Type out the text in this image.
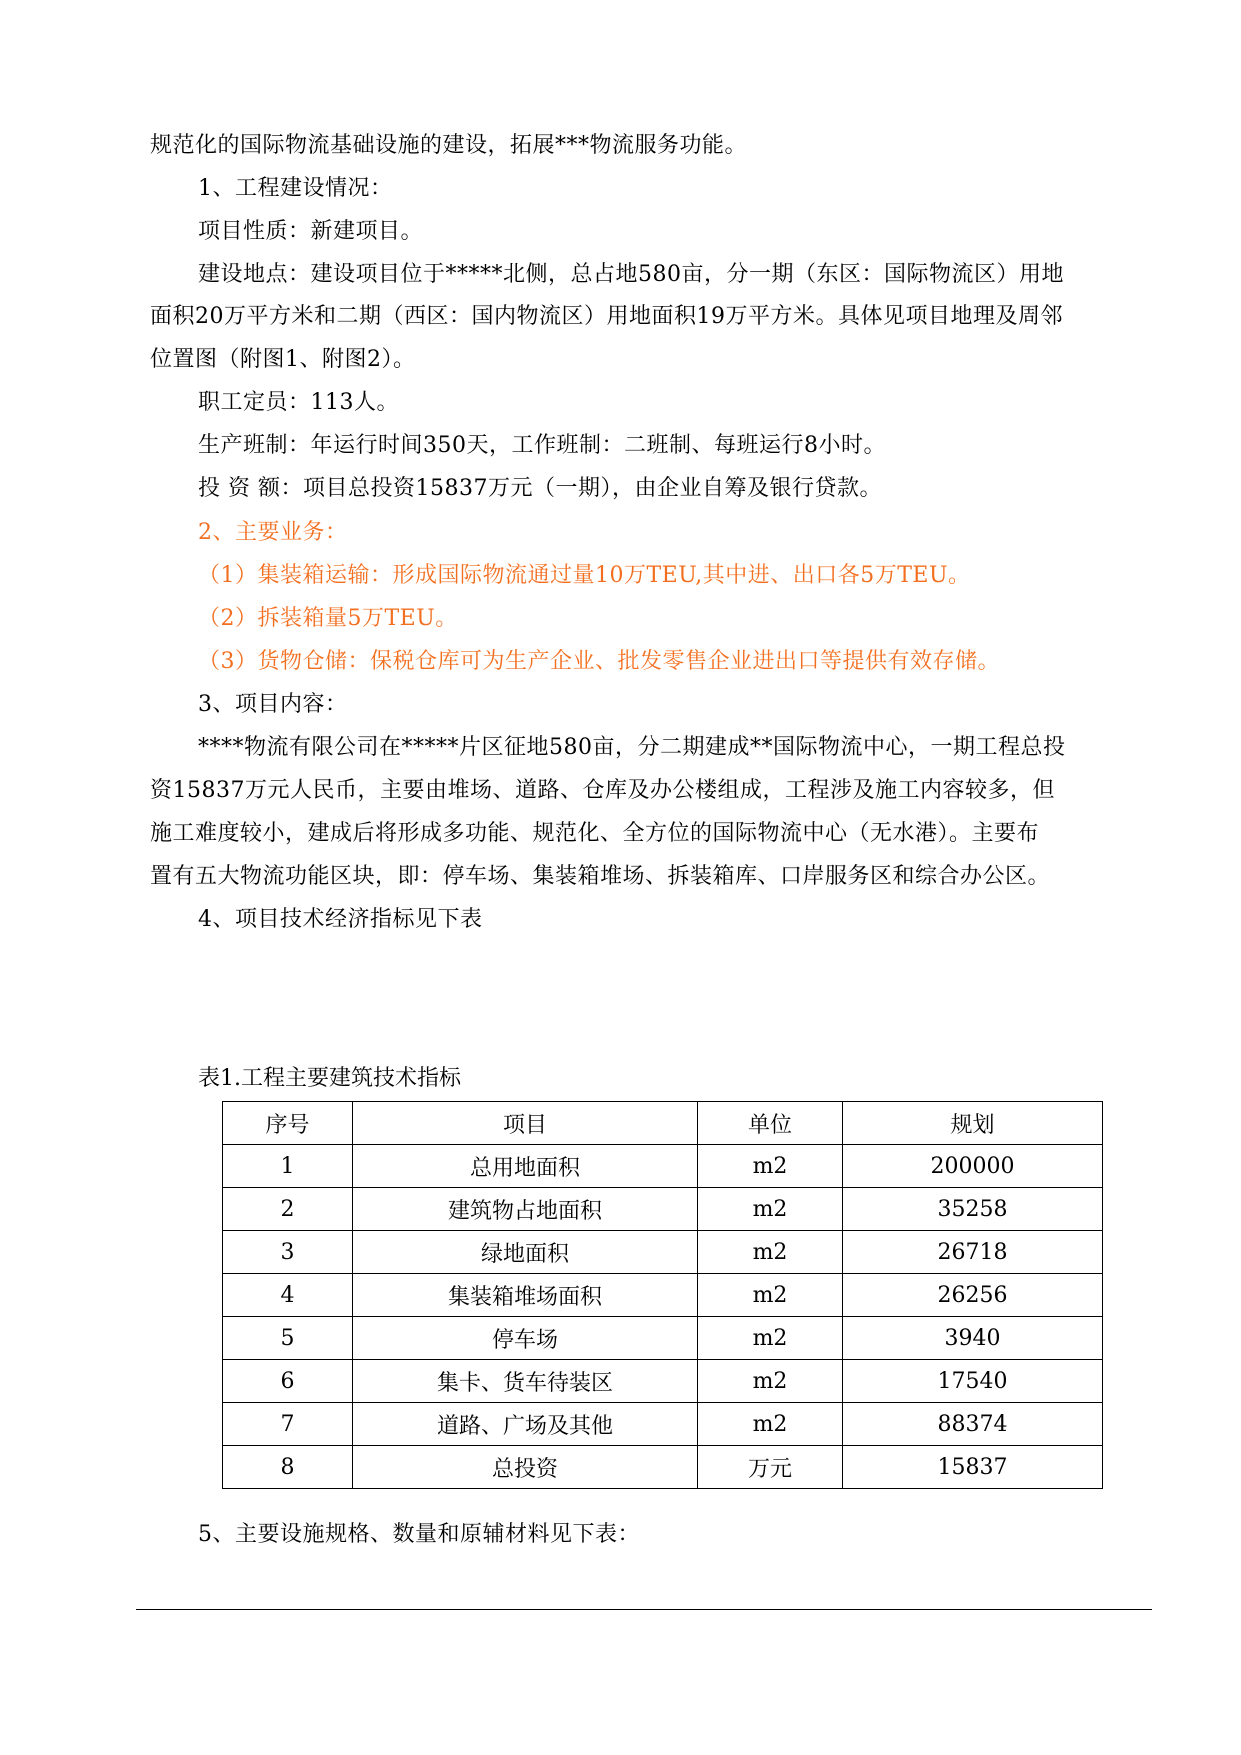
规范化的国际物流基础设施的建设，拓展***物流服务功能。
1、工程建设情况：
项目性质：新建项目。
建设地点：建设项目位于*****北侧，总占地580亩，分一期（东区：国际物流区）用地
面积20万平方米和二期（西区：国内物流区）用地面积19万平方米。具体见项目地理及周邻
位置图（附图1、附图2）。
职工定员：113人。
生产班制：年运行时间350天，工作班制：二班制、每班运行8小时。
投 资 额：项目总投资15837万元（一期），由企业自筹及银行贷款。
2、主要业务：
（1）集装箱运输：形成国际物流通过量10万TEU,其中进、出口各5万TEU。
（2）拆装箱量5万TEU。
（3）货物仓储：保税仓库可为生产企业、批发零售企业进出口等提供有效存储。
3、项目内容：
****物流有限公司在*****片区征地580亩，分二期建成**国际物流中心，一期工程总投
资15837万元人民币，主要由堆场、道路、仓库及办公楼组成，工程涉及施工内容较多，但
施工难度较小，建成后将形成多功能、规范化、全方位的国际物流中心（无水港）。主要布
置有五大物流功能区块，即：停车场、集装箱堆场、拆装箱库、口岸服务区和综合办公区。
4、项目技术经济指标见下表
表1.工程主要建筑技术指标
序号	项目	单位	规划
1	总用地面积	m2	200000
2	建筑物占地面积	m2	35258
3	绿地面积	m2	26718
4	集装箱堆场面积	m2	26256
5	停车场	m2	3940
6	集卡、货车待装区	m2	17540
7	道路、广场及其他	m2	88374
8	总投资	万元	15837
5、主要设施规格、数量和原辅材料见下表：
